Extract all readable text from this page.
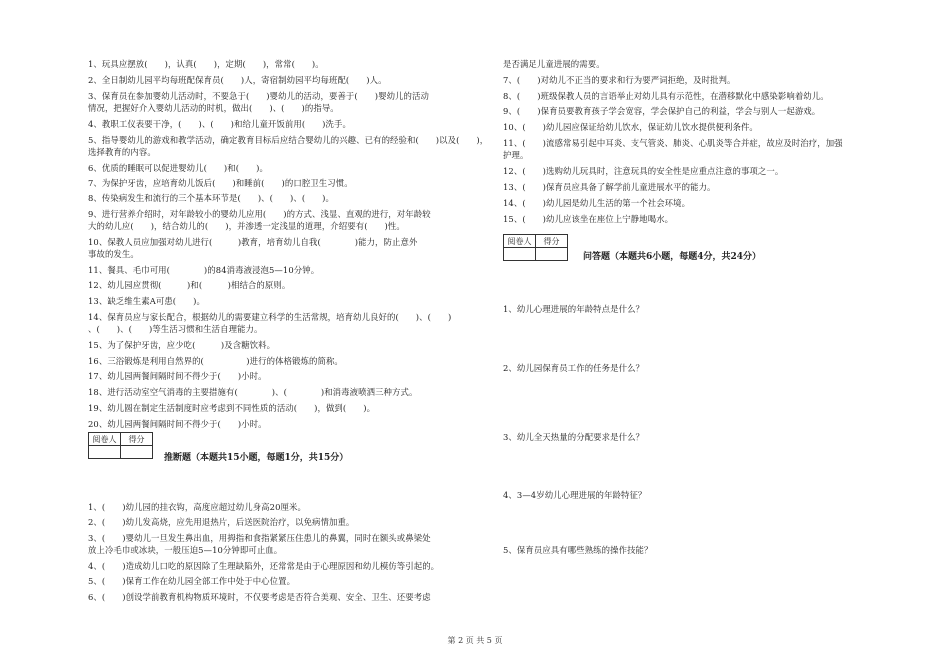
1、玩具应摆放(　　)，认真(　　)，定期(　　)，常常(　　)。
2、全日制幼儿园平均每班配保育员(　　)人，寄宿制幼园平均每班配(　　)人。
3、保育员在参加婴幼儿活动时，不要急于(　　)婴幼儿的活动，要善于(　　)婴幼儿的活动
情况，把握好介入婴幼儿活动的时机，做出(　　)、(　　)的指导。
4、教职工仪表要干净，(　　)、(　　)和给儿童开饭前用(　　)洗手。
5、指导婴幼儿的游戏和教学活动，确定教育目标后应结合婴幼儿的兴趣、已有的经验和(　　)以及(　　)，
选择教育的内容。
6、优质的睡眠可以促进婴幼儿(　　)和(　　)。
7、为保护牙齿，应培育幼儿饭后(　　)和睡前(　　)的口腔卫生习惯。
8、传染病发生和流行的三个基本环节是(　　)、(　　)、(　　)。
9、进行营养介绍时，对年龄较小的婴幼儿应用(　　)的方式、浅显、直观的进行，对年龄较
大的幼儿应(　　)，结合幼儿的(　　)，并渗透一定浅显的道理，介绍要有(　　)性。
10、保教人员应加强对幼儿进行(　　　)教育，培育幼儿自我(　　　　)能力，防止意外
事故的发生。
11、餐具、毛巾可用(　　　　)的84消毒液浸泡5—10分钟。
12、幼儿园应贯彻(　　　)和(　　　)相结合的原则。
13、缺乏维生素A可患(　　)。
14、保育员应与家长配合，根据幼儿的需要建立科学的生活常规，培育幼儿良好的(　　)、(　　)
、(　　)、(　　)等生活习惯和生活自理能力。
15、为了保护牙齿，应少吃(　　　)及含糖饮料。
16、三浴锻炼是利用自然界的(　　　　　)进行的体格锻炼的简称。
17、幼儿园两餐间隔时间不得少于(　　)小时。
18、进行活动室空气消毒的主要措施有(　　　　)、(　　　　)和消毒液喷洒三种方式。
19、幼儿圆在制定生活制度时应考虑到不同性质的活动(　　)，做到(　　)。
20、幼儿园两餐间隔时间不得少于(　　)小时。
阅卷人	得分

推断题（本题共15小题，每题1分，共15分）
1、(　　)幼儿园的挂衣钩，高度应超过幼儿身高20厘米。
2、(　　)幼儿发高烧，应先用退热片，后送医院治疗，以免病情加重。
3、(　　)婴幼儿一旦发生鼻出血，用拇指和食指紧紧压住患儿的鼻翼，同时在额头或鼻梁处
放上冷毛巾或冰块，一般压迫5—10分钟即可止血。
4、(　　)造成幼儿口吃的原因除了生理缺陷外，还常常是由于心理原因和幼儿模仿等引起的。
5、(　　)保育工作在幼儿园全部工作中处于中心位置。
6、(　　)创设学前教育机构物质环境时，不仅要考虑是否符合美观、安全、卫生、还要考虑
是否满足儿童进展的需要。
7、(　　)对幼儿不正当的要求和行为要严词拒绝，及时批判。
8、(　　)班级保教人员的言语举止对幼儿具有示范性，在潜移默化中感染影响着幼儿。
9、(　　)保育员要教育孩子学会宽容，学会保护自己的利益，学会与别人一起游戏。
10、(　　)幼儿园应保证给幼儿饮水，保证幼儿饮水提供便利条件。
11、(　　)流感常易引起中耳炎、支气管炎、肺炎、心肌炎等合并症，故应及时治疗，加强
护理。
12、(　　)选购幼儿玩具时，注意玩具的安全性是应重点注意的事项之一。
13、(　　)保育员应具备了解学前儿童进展水平的能力。
14、(　　)幼儿园是幼儿生活的第一个社会环境。
15、(　　)幼儿应该坐在座位上宁静地喝水。
阅卷人	得分

问答题（本题共6小题，每题4分，共24分）
1、幼儿心理进展的年龄特点是什么？
2、幼儿园保育员工作的任务是什么？
3、幼儿全天热量的分配要求是什么？
4、3—4岁幼儿心理进展的年龄特征？
5、保育员应具有哪些熟练的操作技能？
第 2 页 共 5 页
